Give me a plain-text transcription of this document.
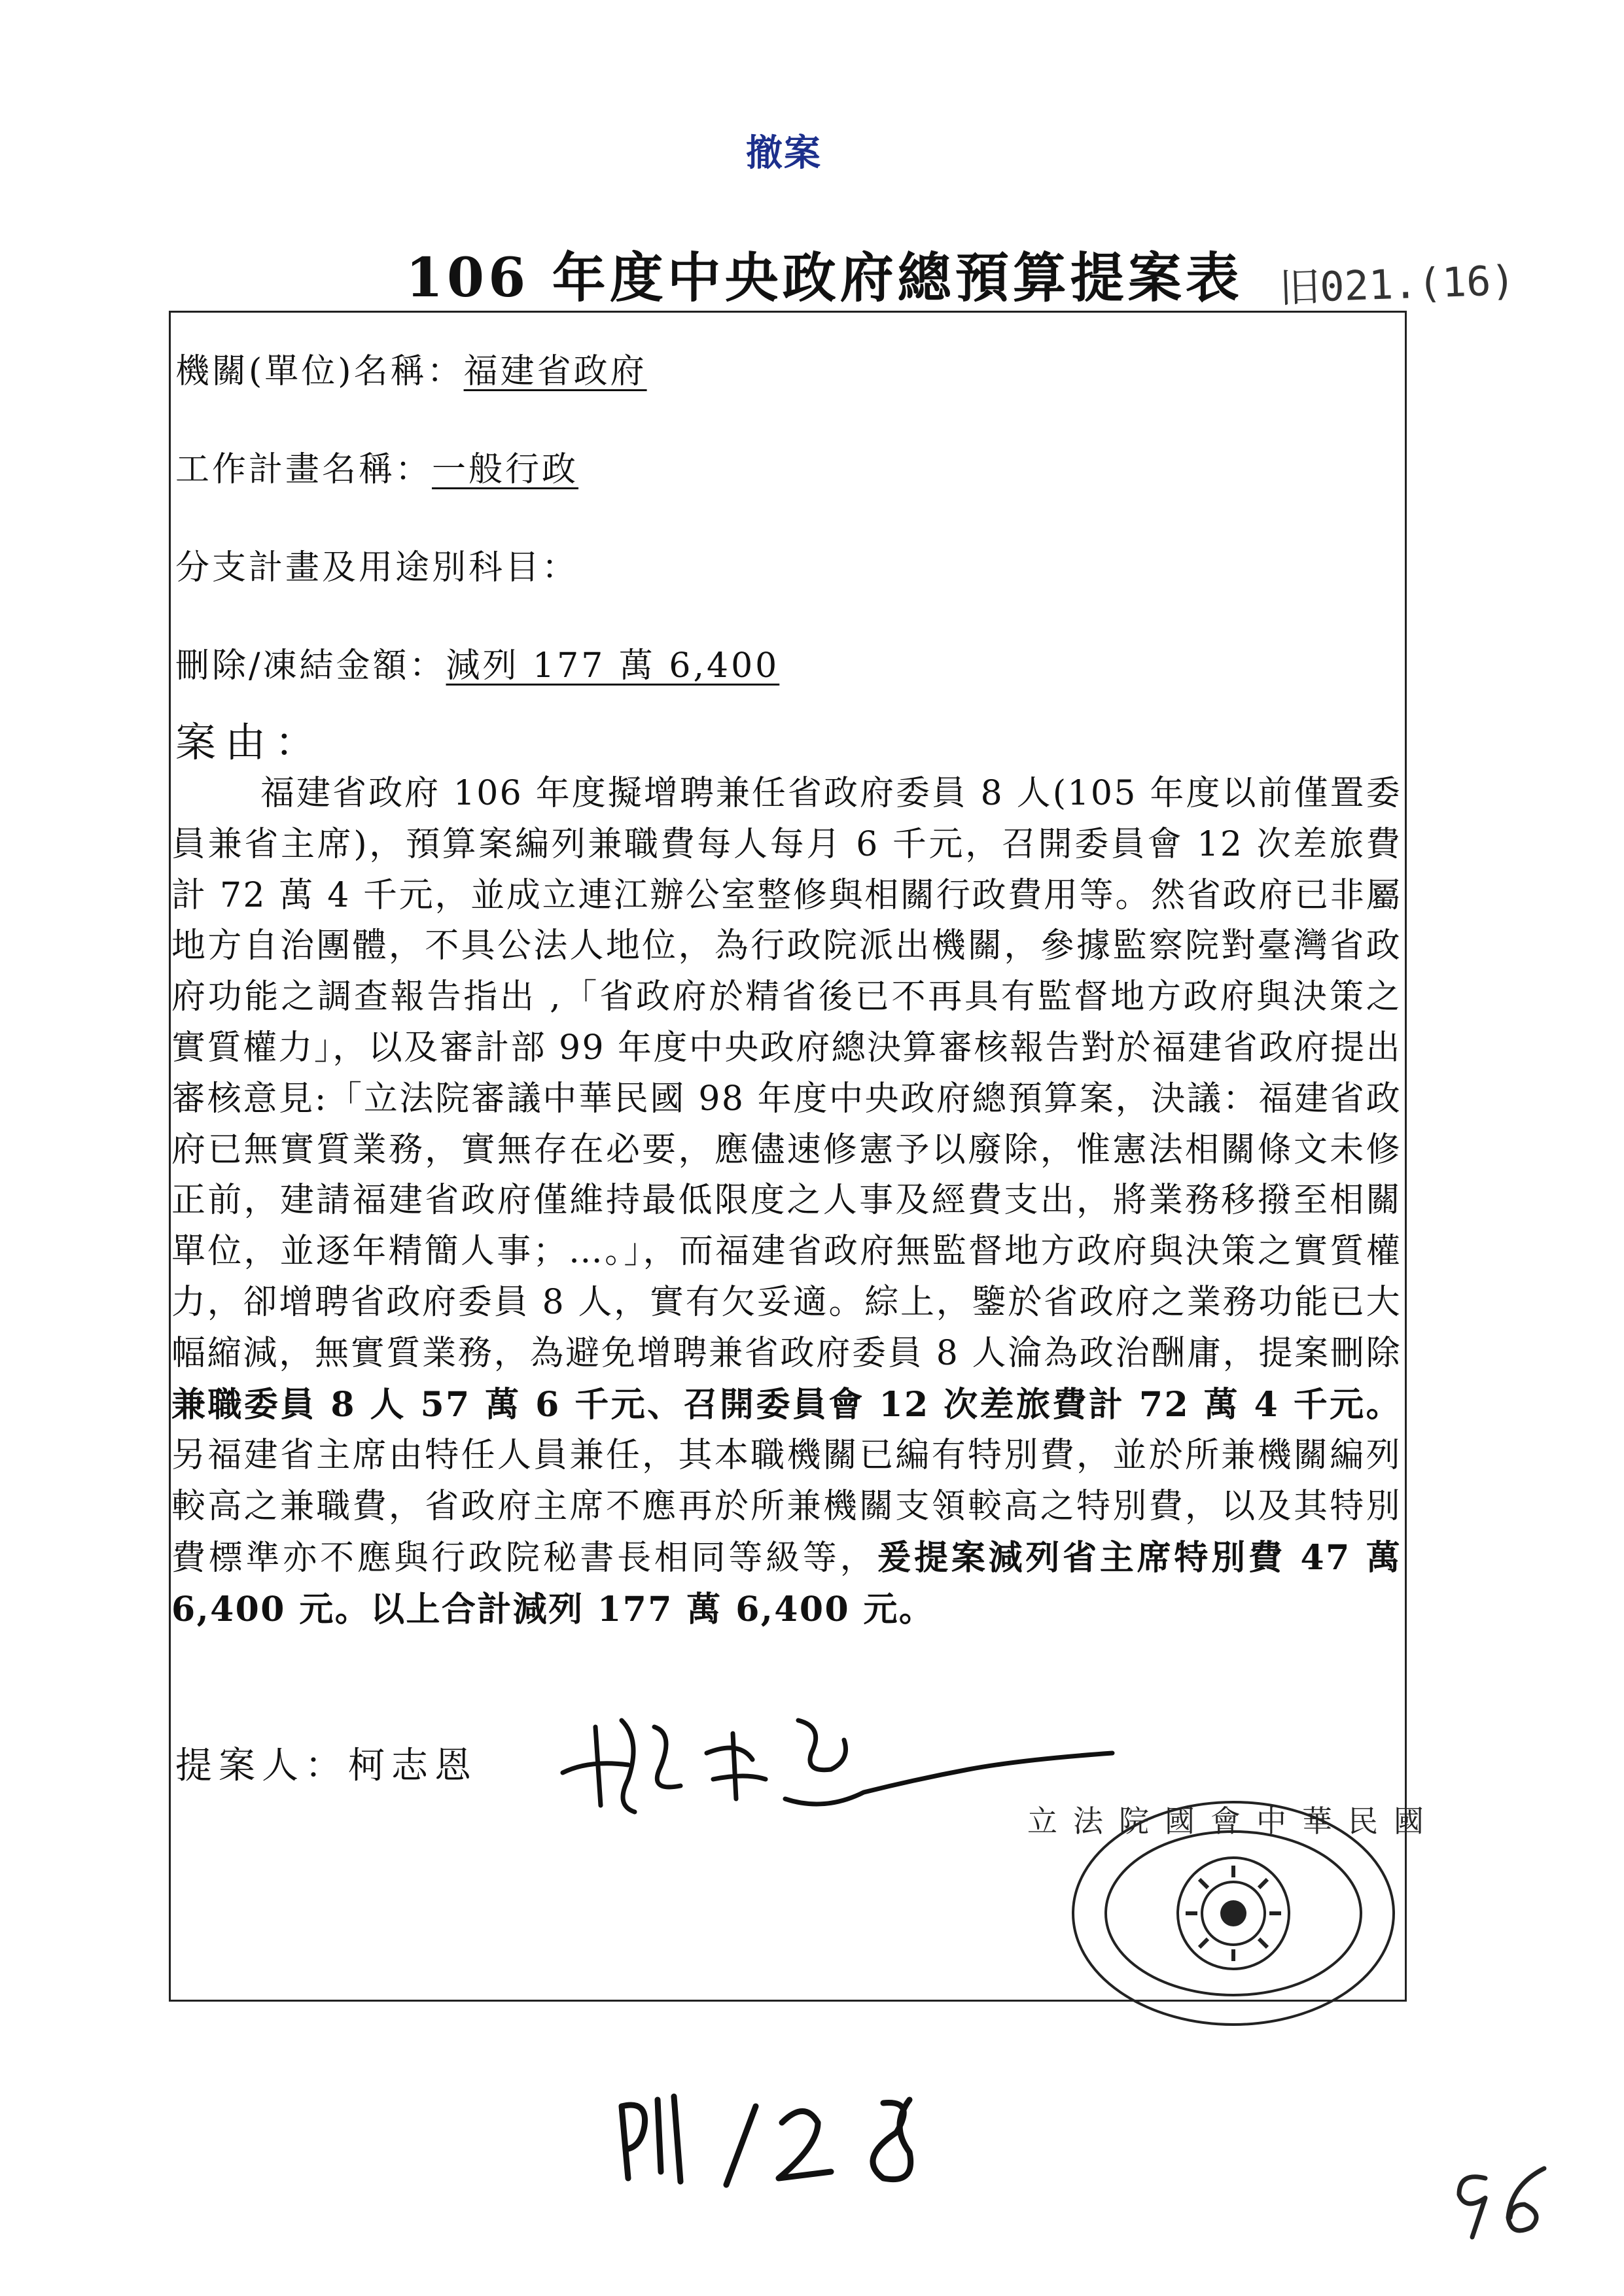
撤案
106 年度中央政府總預算提案表 旧021.(16)
機關(單位)名稱：福建省政府
工作計畫名稱：一般行政
分支計畫及用途別科目：
刪除/凍結金額：減列 177 萬 6,400
案由：
福建省政府 106 年度擬增聘兼任省政府委員 8 人(105 年度以前僅置委員兼省主席)，預算案編列兼職費每人每月 6 千元，召開委員會 12 次差旅費計 72 萬 4 千元，並成立連江辦公室整修與相關行政費用等。然省政府已非屬地方自治團體，不具公法人地位，為行政院派出機關，參據監察院對臺灣省政府功能之調查報告指出 ,「省政府於精省後已不再具有監督地方政府與決策之實質權力」，以及審計部 99 年度中央政府總決算審核報告對於福建省政府提出審核意見:「立法院審議中華民國 98 年度中央政府總預算案，決議：福建省政府已無實質業務，實無存在必要，應儘速修憲予以廢除，惟憲法相關條文未修正前，建請福建省政府僅維持最低限度之人事及經費支出，將業務移撥至相關單位，並逐年精簡人事；…。」，而福建省政府無監督地方政府與決策之實質權力，卻增聘省政府委員 8 人，實有欠妥適。綜上，鑒於省政府之業務功能已大幅縮減，無實質業務，為避免增聘兼省政府委員 8 人淪為政治酬庸，提案刪除兼職委員 8 人 57 萬 6 千元、召開委員會 12 次差旅費計 72 萬 4 千元。另福建省主席由特任人員兼任，其本職機關已編有特別費，並於所兼機關編列較高之兼職費，省政府主席不應再於所兼機關支領較高之特別費，以及其特別費標準亦不應與行政院秘書長相同等級等，爰提案減列省主席特別費 47 萬 6,400 元。以上合計減列 177 萬 6,400 元。
提案人：柯志恩
立法院國會中華民國
